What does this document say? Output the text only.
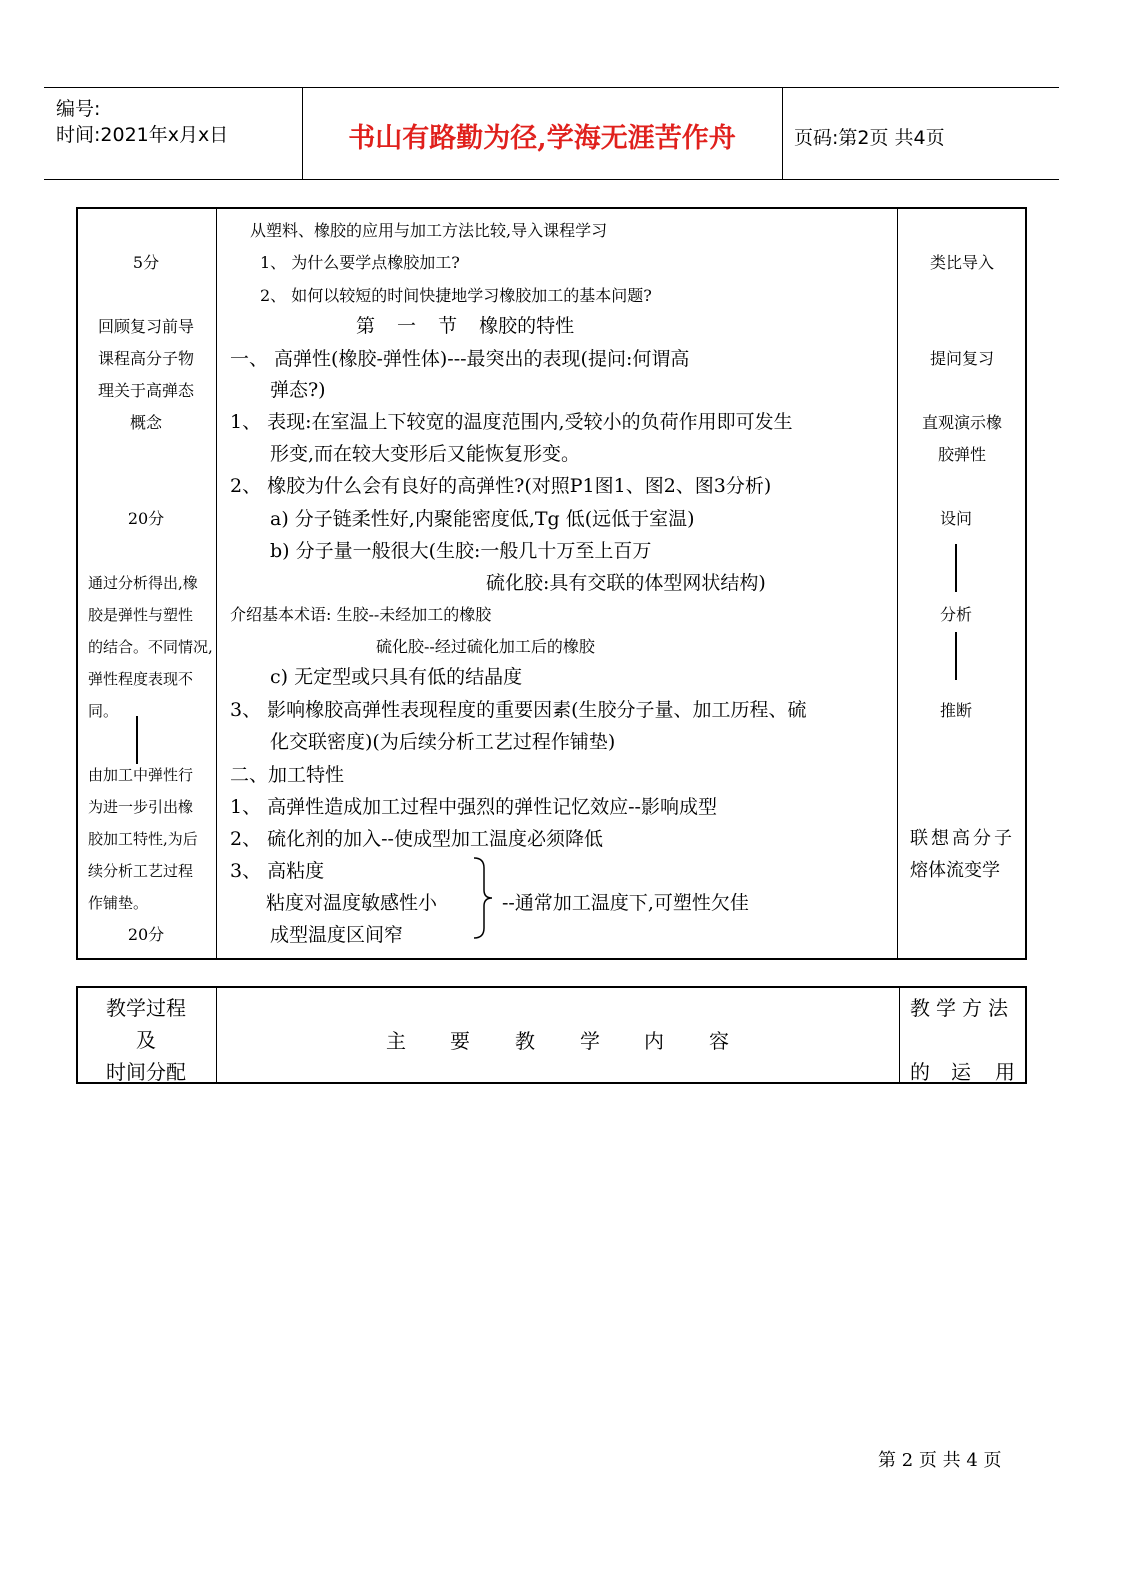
编号:
时间:2021年x月x日	书山有路勤为径,学海无涯苦作舟	页码:第2页 共4页
5分
回顾复习前导
课程高分子物
理关于高弹态
概念
20分
通过分析得出,橡
胶是弹性与塑性
的结合。不同情况,
弹性程度表现不
同。
由加工中弹性行
为进一步引出橡
胶加工特性,为后
续分析工艺过程
作铺垫。
20分
从塑料、橡胶的应用与加工方法比较,导入课程学习
1、 为什么要学点橡胶加工?
2、 如何以较短的时间快捷地学习橡胶加工的基本问题?
第 一 节 橡胶的特性
一、 高弹性(橡胶-弹性体)---最突出的表现(提问:何谓高
弹态?)
1、 表现:在室温上下较宽的温度范围内,受较小的负荷作用即可发生
形变,而在较大变形后又能恢复形变。
2、 橡胶为什么会有良好的高弹性?(对照P1图1、图2、图3分析)
a) 分子链柔性好,内聚能密度低,Tg 低(远低于室温)
b) 分子量一般很大(生胶:一般几十万至上百万
硫化胶:具有交联的体型网状结构)
介绍基本术语: 生胶--未经加工的橡胶
硫化胶--经过硫化加工后的橡胶
c) 无定型或只具有低的结晶度
3、 影响橡胶高弹性表现程度的重要因素(生胶分子量、加工历程、硫
化交联密度)(为后续分析工艺过程作铺垫)
二、加工特性
1、 高弹性造成加工过程中强烈的弹性记忆效应--影响成型
2、 硫化剂的加入--使成型加工温度必须降低
3、 高粘度
粘度对温度敏感性小
成型温度区间窄
--通常加工温度下,可塑性欠佳
类比导入
提问复习
直观演示橡
胶弹性
设问
分析
推断
联想高分子
熔体流变学
教学过程
及
时间分配
主 要 教 学 内 容
教学方法
的 运 用
第 2 页 共 4 页
